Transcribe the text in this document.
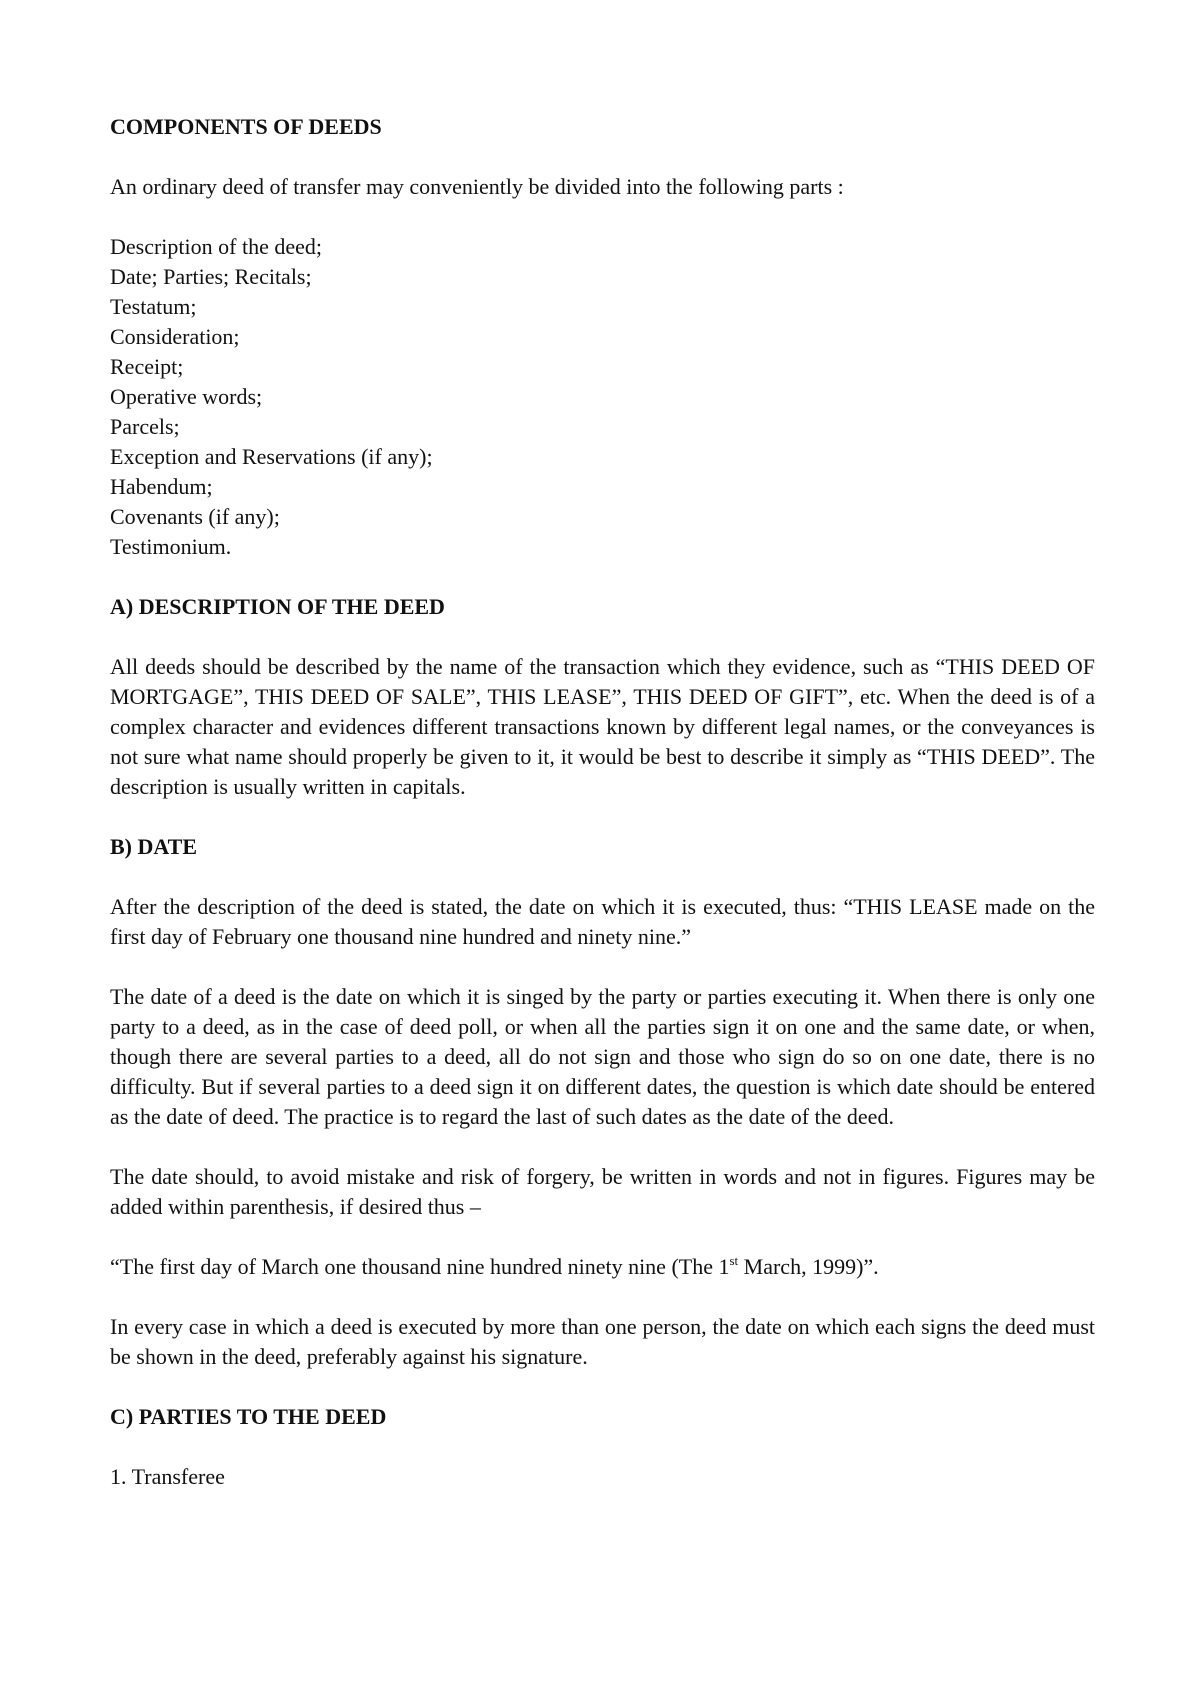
COMPONENTS OF DEEDS

An ordinary deed of transfer may conveniently be divided into the following parts :

Description of the deed;
Date; Parties; Recitals;
Testatum;
Consideration;
Receipt;
Operative words;
Parcels;
Exception and Reservations (if any);
Habendum;
Covenants (if any);
Testimonium.
A) DESCRIPTION OF THE DEED

All deeds should be described by the name of the transaction which they evidence, such as “THIS DEED OF MORTGAGE”, THIS DEED OF SALE”, THIS LEASE”, THIS DEED OF GIFT”, etc. When the deed is of a complex character and evidences different transactions known by different legal names, or the conveyances is not sure what name should properly be given to it, it would be best to describe it simply as “THIS DEED”. The description is usually written in capitals.

B) DATE

After the description of the deed is stated, the date on which it is executed, thus: “THIS LEASE made on the first day of February one thousand nine hundred and ninety nine.”

The date of a deed is the date on which it is singed by the party or parties executing it. When there is only one party to a deed, as in the case of deed poll, or when all the parties sign it on one and the same date, or when, though there are several parties to a deed, all do not sign and those who sign do so on one date, there is no difficulty. But if several parties to a deed sign it on different dates, the question is which date should be entered as the date of deed. The practice is to regard the last of such dates as the date of the deed.

The date should, to avoid mistake and risk of forgery, be written in words and not in figures. Figures may be added within parenthesis, if desired thus –

“The first day of March one thousand nine hundred ninety nine (The 1st March, 1999)”.

In every case in which a deed is executed by more than one person, the date on which each signs the deed must be shown in the deed, preferably against his signature.

C) PARTIES TO THE DEED

1. Transferee
